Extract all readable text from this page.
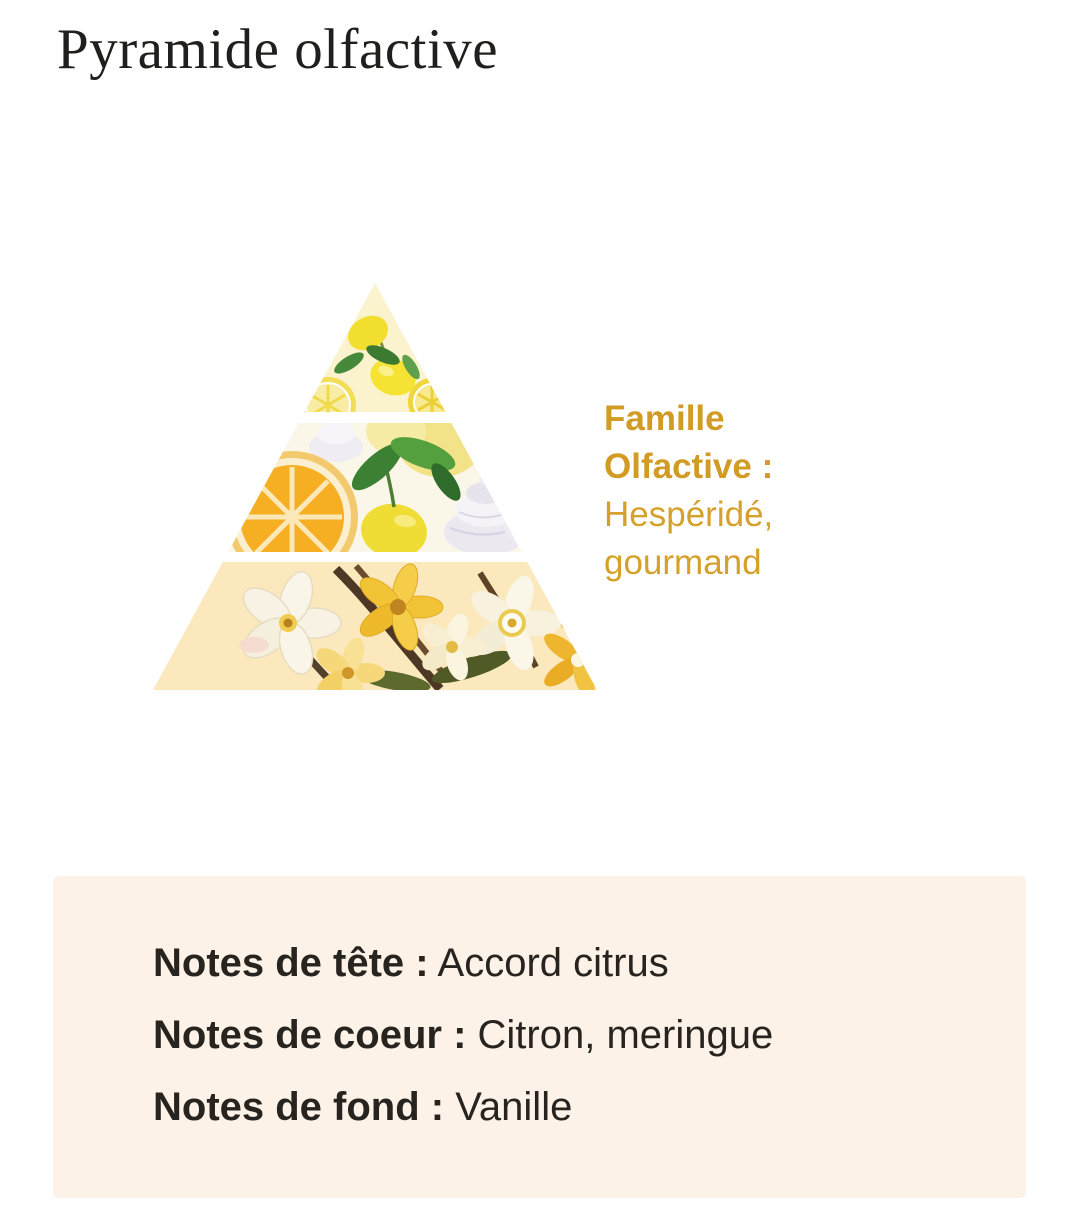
Pyramide olfactive
Famille Olfactive : Hespéridé, gourmand

Notes de tête : Accord citrus

Notes de coeur : Citron, meringue

Notes de fond : Vanille
